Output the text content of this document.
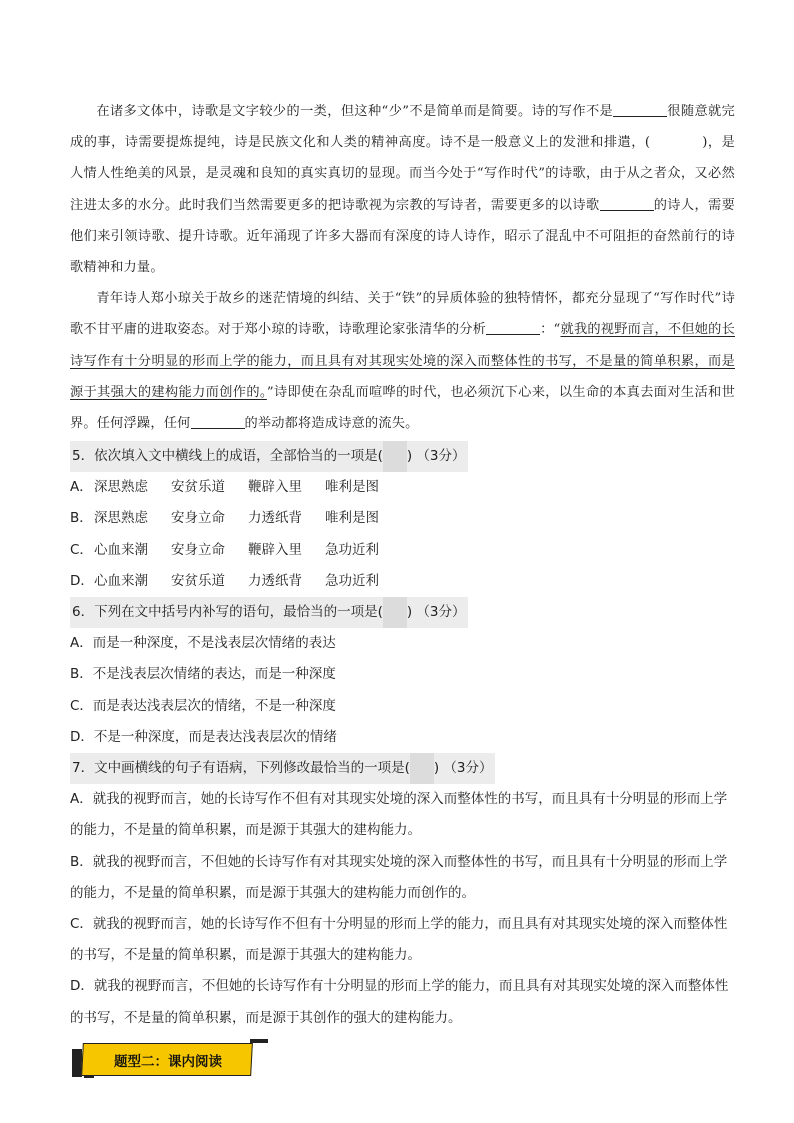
在诸多文体中，诗歌是文字较少的一类，但这种“少”不是简单而是简要。诗的写作不是	很随意就完成的事，诗需要提炼提纯，诗是民族文化和人类的精神高度。诗不是一般意义上的发泄和排遣，(	)，是人情人性绝美的风景，是灵魂和良知的真实真切的显现。而当今处于“写作时代”的诗歌，由于从之者众，又必然注进太多的水分。此时我们当然需要更多的把诗歌视为宗教的写诗者，需要更多的以诗歌	的诗人，需要他们来引领诗歌、提升诗歌。近年涌现了许多大器而有深度的诗人诗作，昭示了混乱中不可阻拒的奋然前行的诗歌精神和力量。

青年诗人郑小琼关于故乡的迷茫情境的纠结、关于“铁”的异质体验的独特情怀，都充分显现了“写作时代”诗歌不甘平庸的进取姿态。对于郑小琼的诗歌，诗歌理论家张清华的分析	：“就我的视野而言，不但她的长诗写作有十分明显的形而上学的能力，而且具有对其现实处境的深入而整体性的书写，不是量的简单积累，而是源于其强大的建构能力而创作的。”诗即使在杂乱而喧哗的时代，也必须沉下心来，以生命的本真去面对生活和世界。任何浮躁，任何	的举动都将造成诗意的流失。

5．依次填入文中横线上的成语，全部恰当的一项是( ) （3分）
A．深思熟虑 安贫乐道 鞭辟入里 唯利是图
B．深思熟虑 安身立命 力透纸背 唯利是图
C．心血来潮 安身立命 鞭辟入里 急功近利
D．心血来潮 安贫乐道 力透纸背 急功近利
6．下列在文中括号内补写的语句，最恰当的一项是( ) （3分）
A．而是一种深度，不是浅表层次情绪的表达
B．不是浅表层次情绪的表达，而是一种深度
C．而是表达浅表层次的情绪，不是一种深度
D．不是一种深度，而是表达浅表层次的情绪
7．文中画横线的句子有语病，下列修改最恰当的一项是( ) （3分）
A．就我的视野而言，她的长诗写作不但有对其现实处境的深入而整体性的书写，而且具有十分明显的形而上学的能力，不是量的简单积累，而是源于其强大的建构能力。
B．就我的视野而言，不但她的长诗写作有对其现实处境的深入而整体性的书写，而且具有十分明显的形而上学的能力，不是量的简单积累，而是源于其强大的建构能力而创作的。
C．就我的视野而言，她的长诗写作不但有十分明显的形而上学的能力，而且具有对其现实处境的深入而整体性的书写，不是量的简单积累，而是源于其强大的建构能力。
D．就我的视野而言，不但她的长诗写作有十分明显的形而上学的能力，而且具有对其现实处境的深入而整体性的书写，不是量的简单积累，而是源于其创作的强大的建构能力。
题型二：课内阅读
